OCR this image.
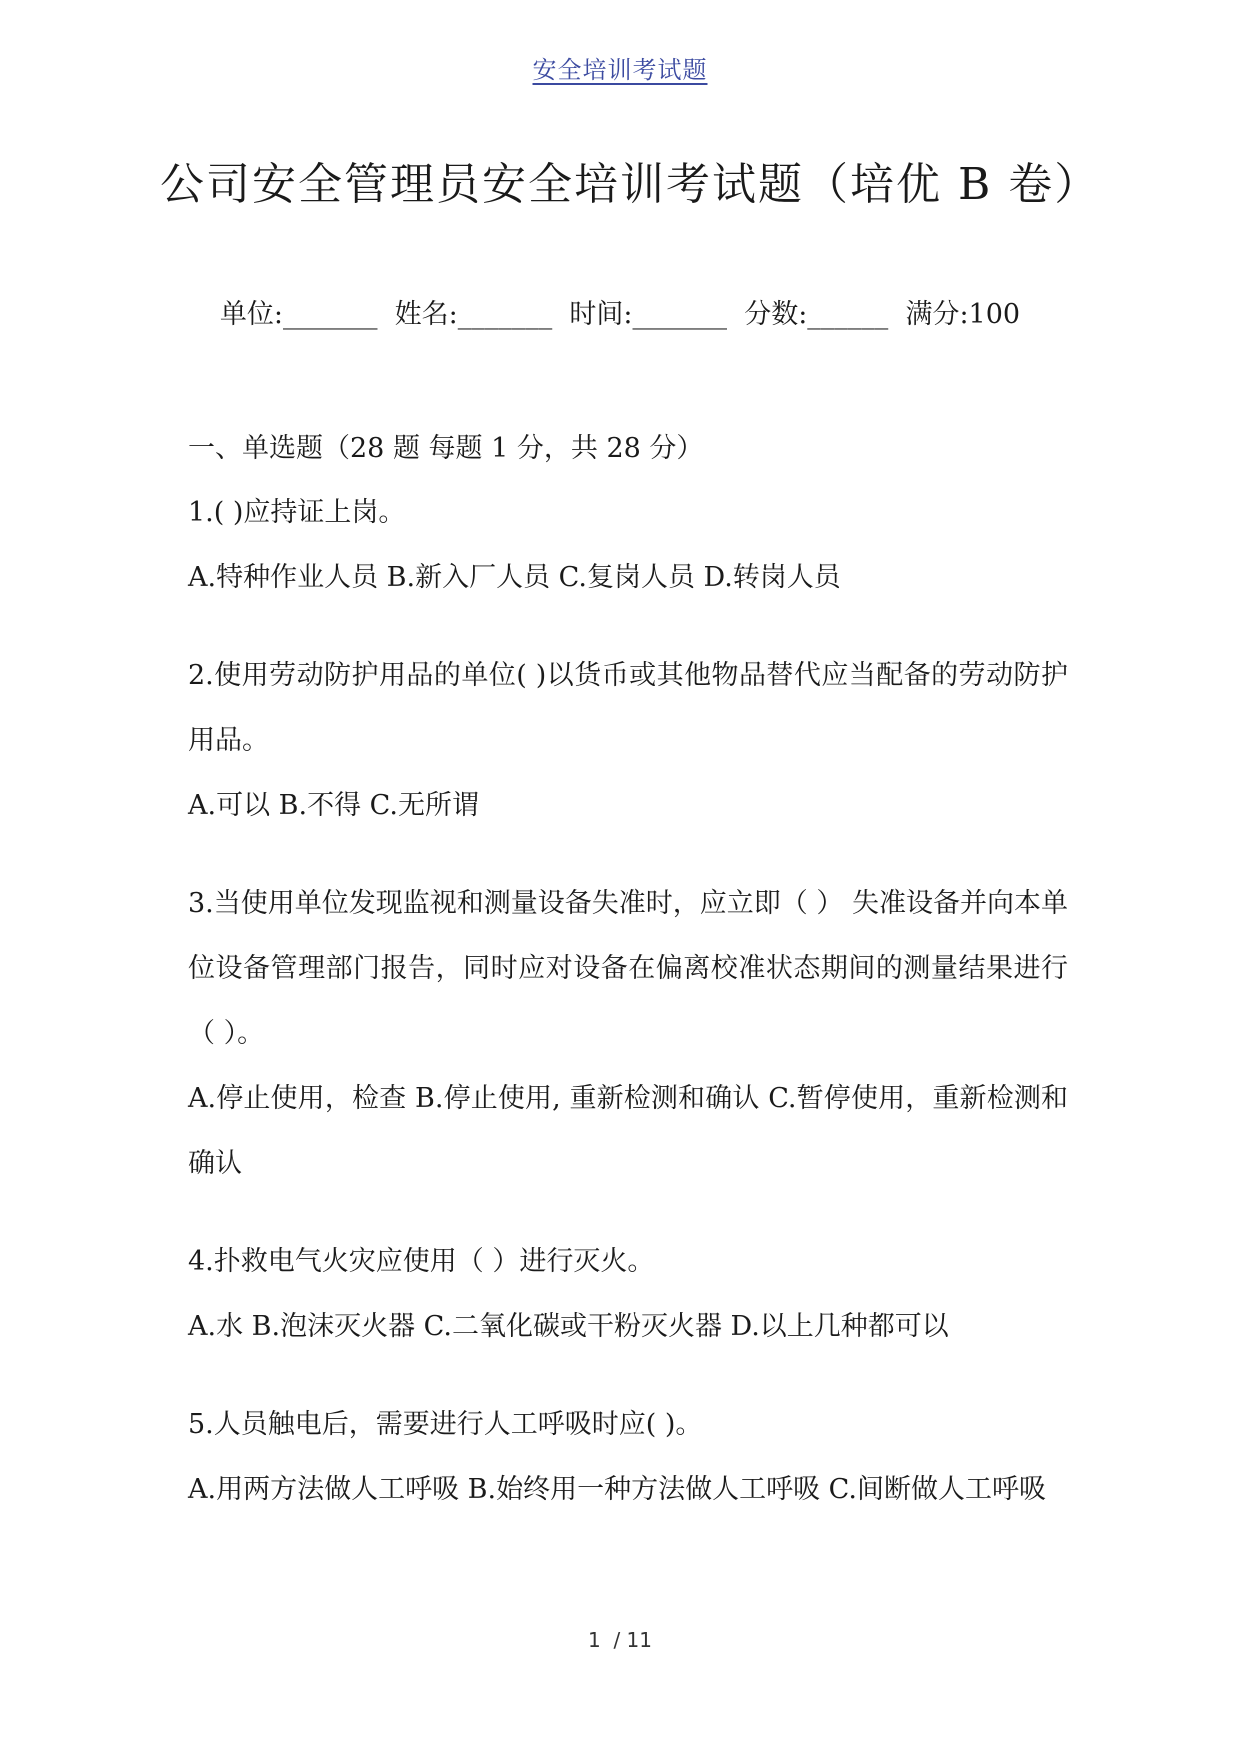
安全培训考试题
公司安全管理员安全培训考试题（培优 B 卷）
单位:_______  姓名:_______  时间:_______  分数:______  满分:100
一、单选题（28 题 每题 1 分，共 28 分）

1.( )应持证上岗。

A.特种作业人员 B.新入厂人员 C.复岗人员 D.转岗人员

2.使用劳动防护用品的单位( )以货币或其他物品替代应当配备的劳动防护用品。

A.可以 B.不得 C.无所谓

3.当使用单位发现监视和测量设备失准时，应立即（ ） 失准设备并向本单位设备管理部门报告，同时应对设备在偏离校准状态期间的测量结果进行（ ）。

A.停止使用，检查 B.停止使用, 重新检测和确认 C.暂停使用，重新检测和确认

4.扑救电气火灾应使用（ ）进行灭火。

A.水 B.泡沫灭火器 C.二氧化碳或干粉灭火器 D.以上几种都可以

5.人员触电后，需要进行人工呼吸时应( )。

A.用两方法做人工呼吸 B.始终用一种方法做人工呼吸 C.间断做人工呼吸

1  / 11
